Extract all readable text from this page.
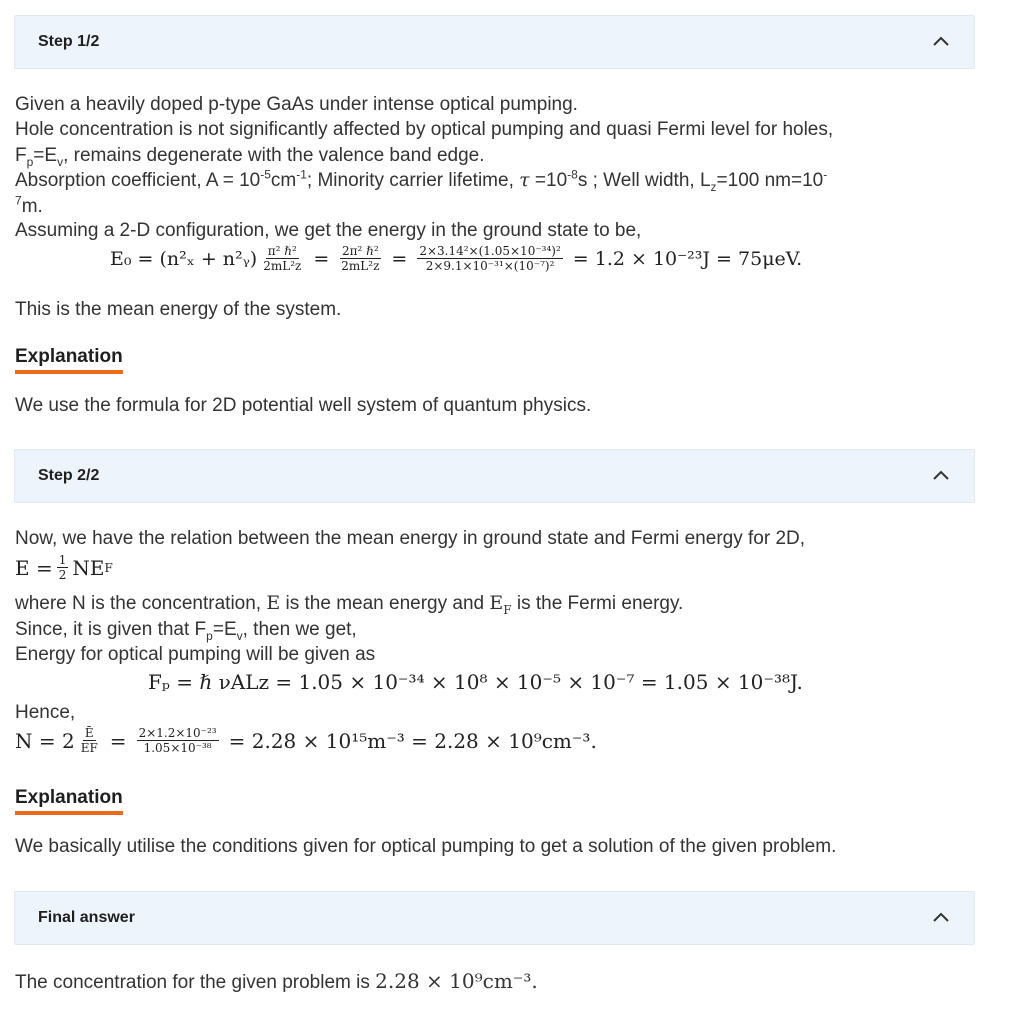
Step 1/2
Given a heavily doped p-type GaAs under intense optical pumping.
Hole concentration is not significantly affected by optical pumping and quasi Fermi level for holes,
$F_p=E_v$, remains degenerate with the valence band edge.
Absorption coefficient, $A = 10^{-5}cm^{-1}$; Minority carrier lifetime, $\tau =10^{-8}s$ ; Well width, $L_z=100$ nm=10-
$^7$m.
Assuming a 2-D configuration, we get the energy in the ground state to be,
E₀ = (n²ₓ + n²ᵧ) $\frac{\text{π² ℏ²}}{\text{2mL²z}} = \frac{\text{2π² ℏ²}}{\text{2mL²z}} = \frac{\text{2×3.14²×(1.05×10⁻³⁴)²}}{\text{2×9.1×10⁻³¹×(10⁻⁷)²}} = 1.2 \times 10^{-23}J = 75\mu eV$.
This is the mean energy of the system.
Explanation
We use the formula for 2D potential well system of quantum physics.
Step 2/2
Now, we have the relation between the mean energy in ground state and Fermi energy for 2D,
$E = \frac{1}{2}$ NE F
where N is the concentration, E is the mean energy and $E_F$ is the Fermi energy.
Since, it is given that $F_p=E_v$, then we get,
Energy for optical pumping will be given as
Fₚ = ℏ νALz = 1.05 × 10⁻³⁴ × 10⁸ × 10⁻⁵ × 10⁻⁷ = 1.05 × 10⁻³⁸J.
Hence,
$N = 2 \frac{Ē}{EF} = \frac{\text{2×1.2×10⁻²³}}{\text{1.05×10⁻³⁸}} = 2.28 \times 10^{15}m^{-3} = 2.28 \times 10^9cm^{-3}$.
Explanation
We basically utilise the conditions given for optical pumping to get a solution of the given problem.
Final answer
The concentration for the given problem is 2.28 × 10⁹cm⁻³.
